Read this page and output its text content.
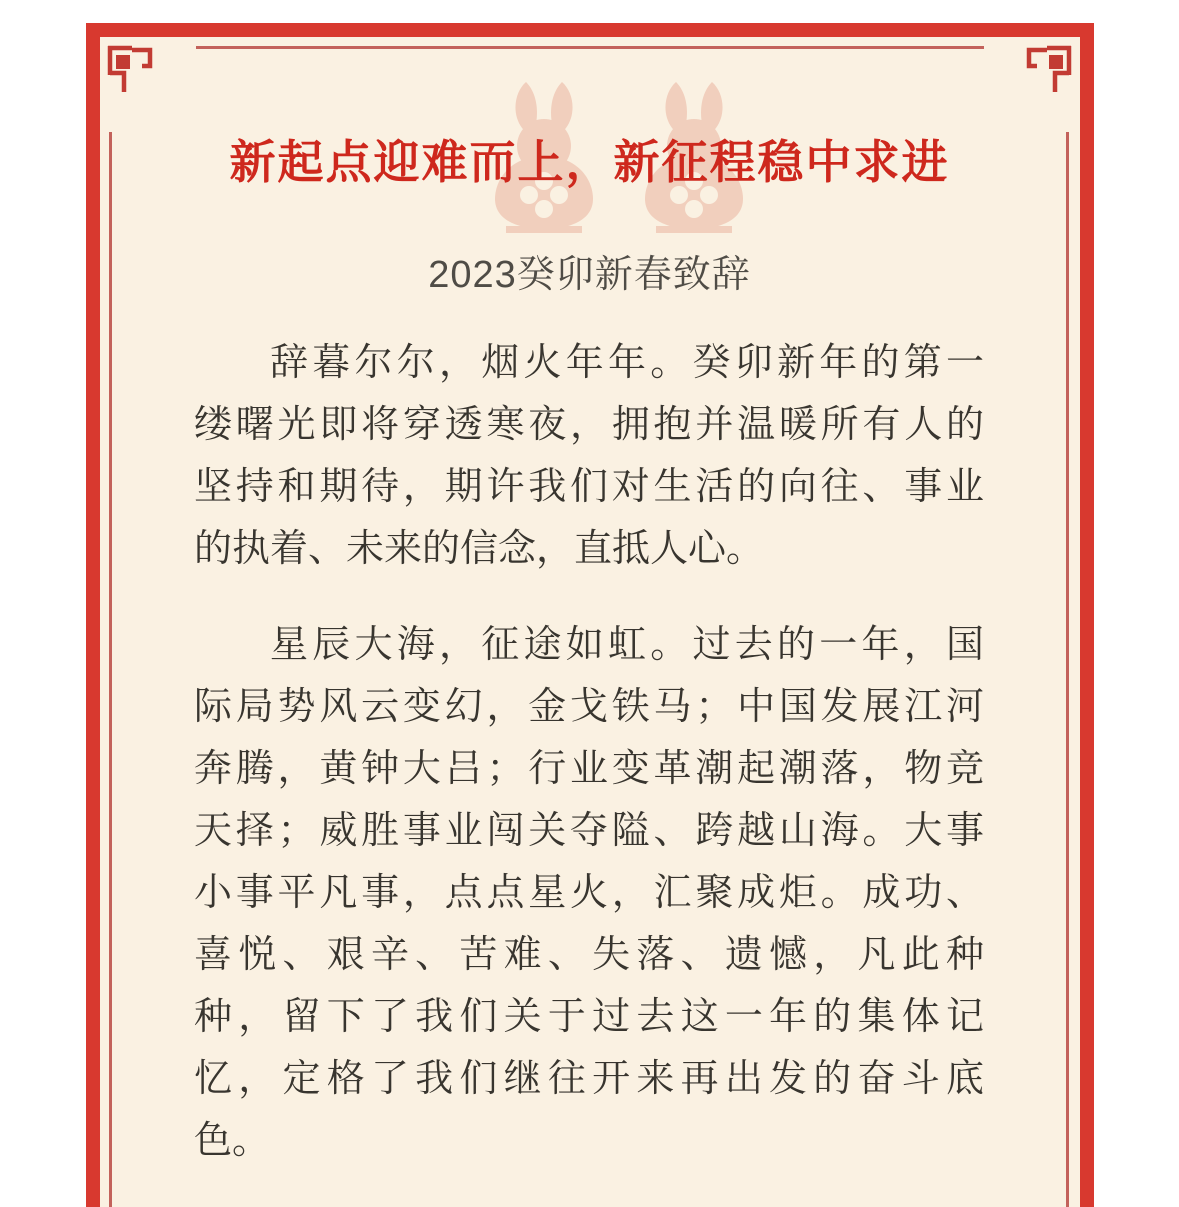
新起点迎难而上，新征程稳中求进
2023癸卯新春致辞
辞暮尔尔，烟火年年。癸卯新年的第一
缕曙光即将穿透寒夜，拥抱并温暖所有人的
坚持和期待，期许我们对生活的向往、事业
的执着、未来的信念，直抵人心。
星辰大海，征途如虹。过去的一年，国
际局势风云变幻，金戈铁马；中国发展江河
奔腾，黄钟大吕；行业变革潮起潮落，物竞
天择；威胜事业闯关夺隘、跨越山海。大事
小事平凡事，点点星火，汇聚成炬。成功、
喜悦、艰辛、苦难、失落、遗憾，凡此种
种，留下了我们关于过去这一年的集体记
忆，定格了我们继往开来再出发的奋斗底
色。
